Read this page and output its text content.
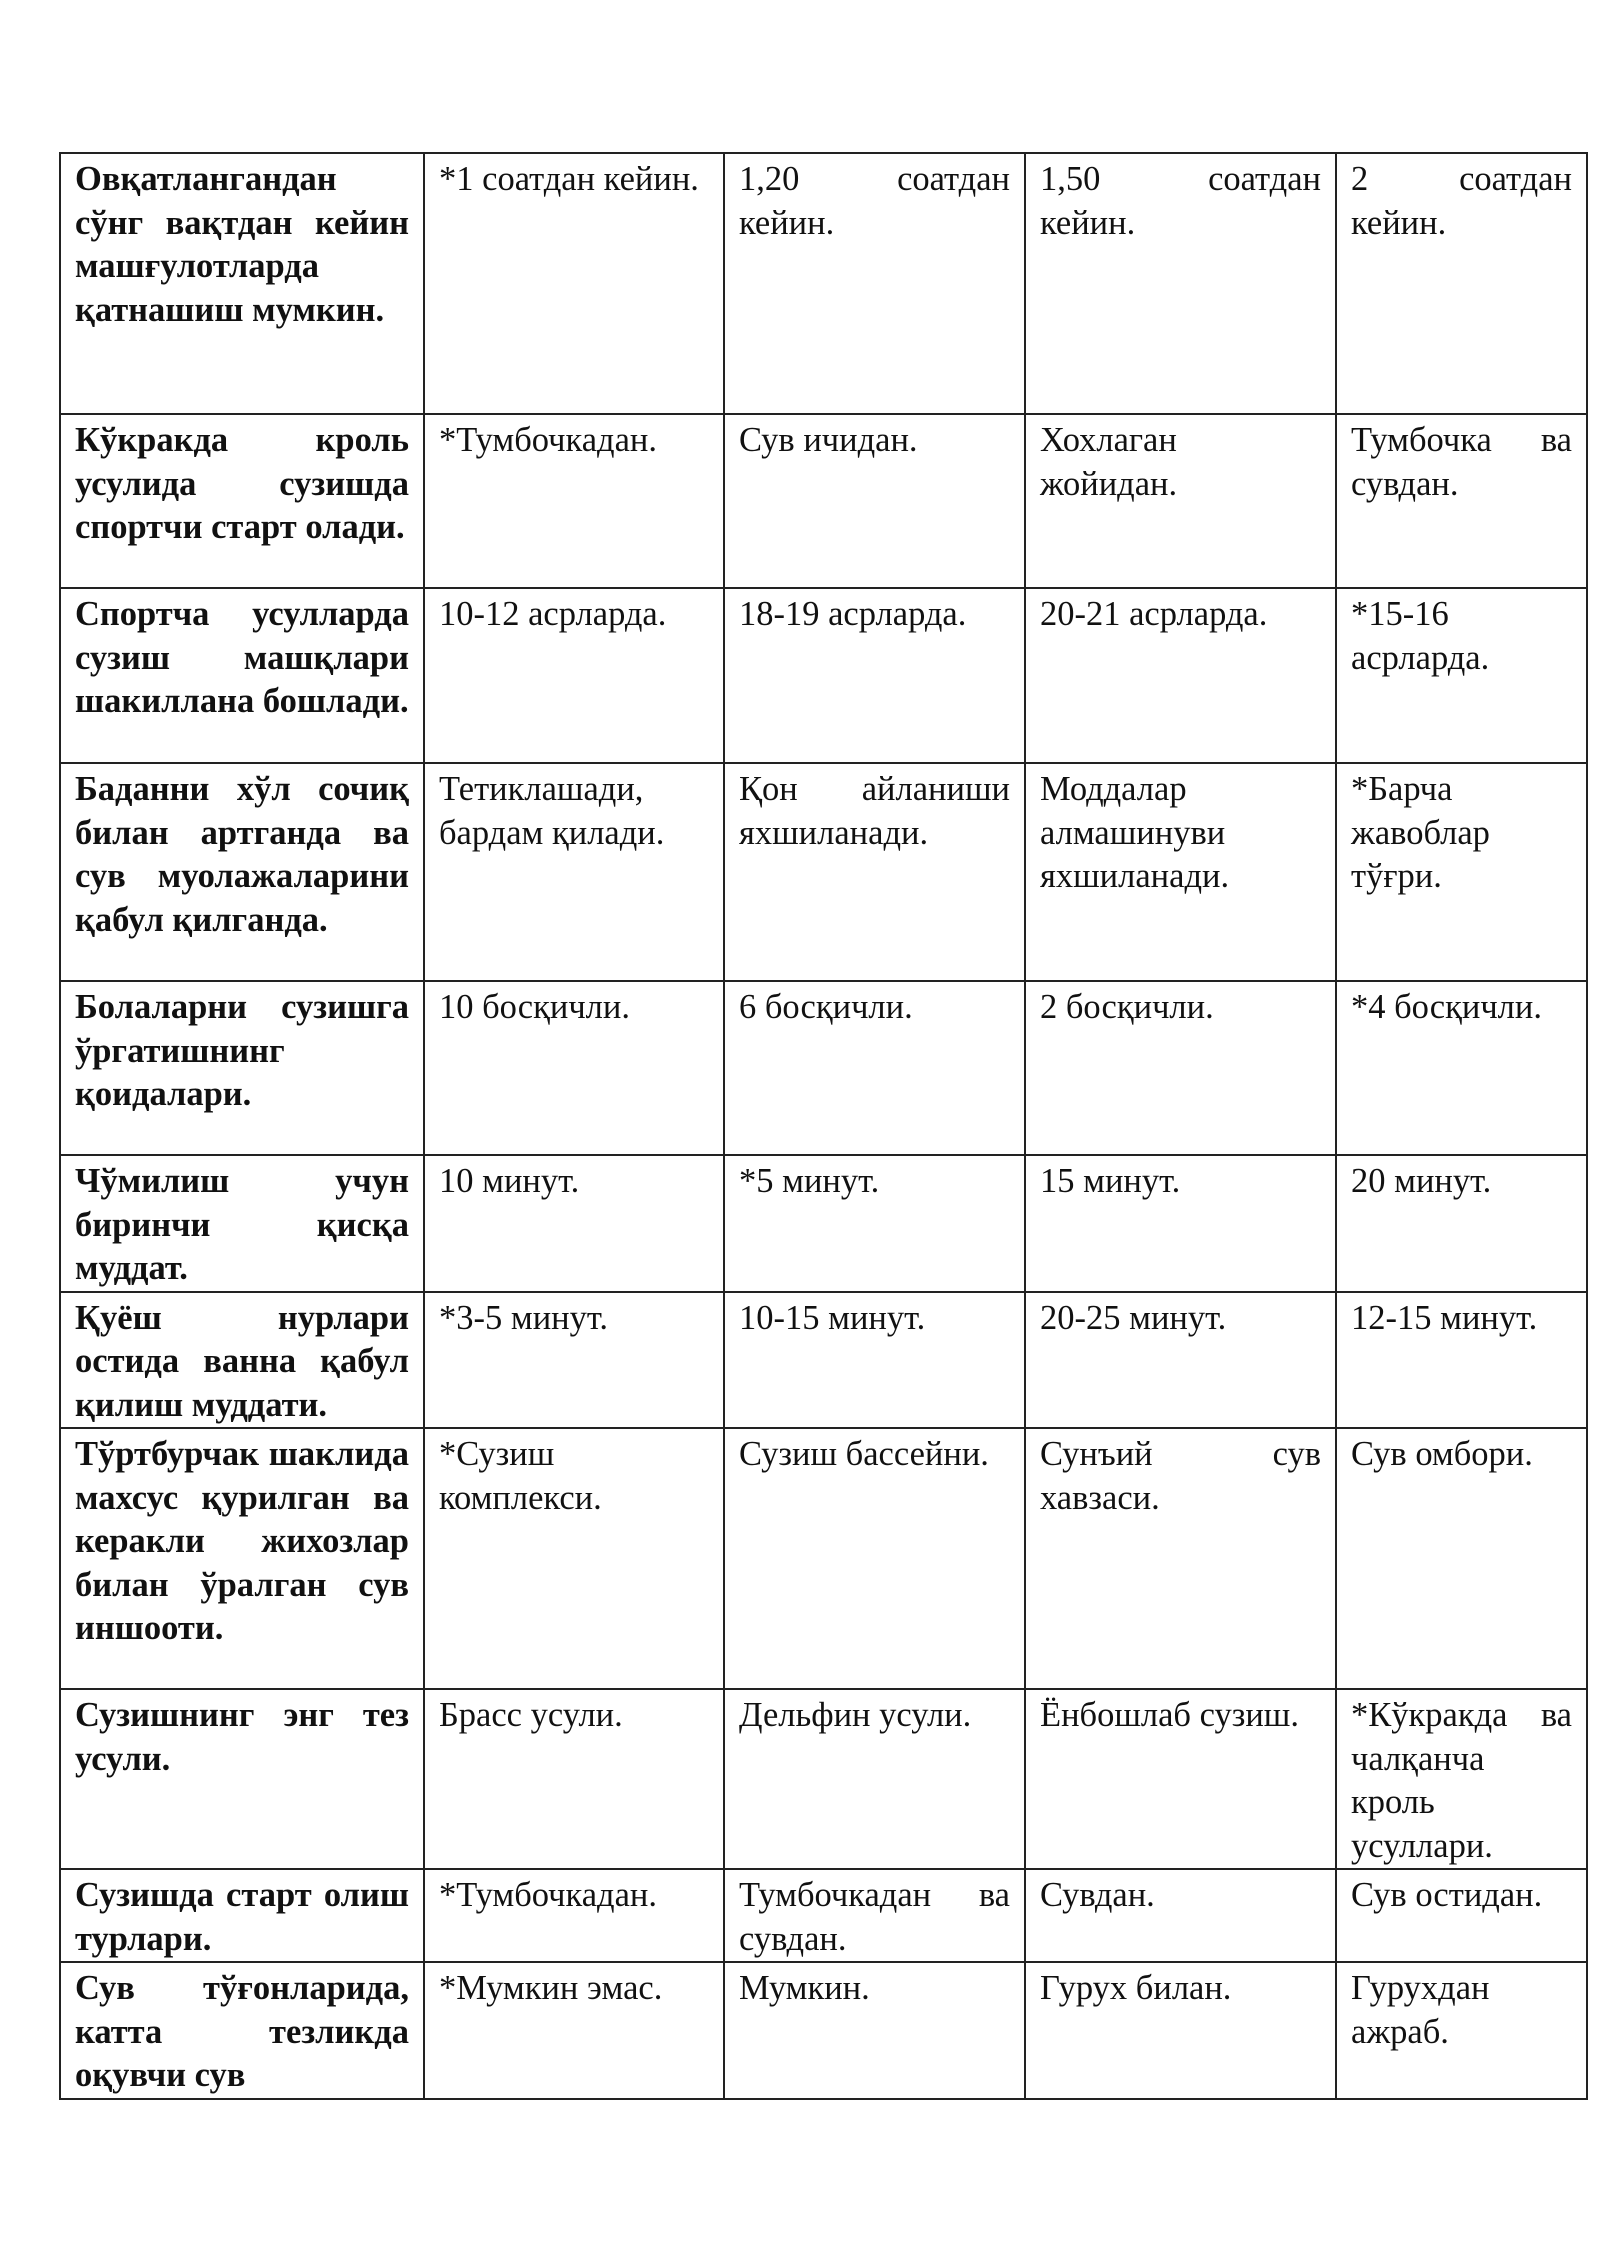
Овқатлангандан сўнг вақтдан кейин машғулотларда қатнашиш мумкин.	*1 соатдан кейин.	1,20 соатдан кейин.	1,50 соатдан кейин.	2 соатдан кейин.
Кўкракда кроль усулида сузишда спортчи старт олади.	*Тумбочкадан.	Сув ичидан.	Хохлаган жойидан.	Тумбочка ва сувдан.
Спортча усулларда сузиш машқлари шакиллана бошлади.	10-12 асрларда.	18-19 асрларда.	20-21 асрларда.	*15-16 асрларда.
Баданни хўл сочиқ билан артганда ва сув муолажаларини қабул қилганда.	Тетиклашади, бардам қилади.	Қон айланиши яхшиланади.	Моддалар алмашинуви яхшиланади.	*Барча жавоблар тўғри.
Болаларни сузишга ўргатишнинг қоидалари.	10 босқичли.	6 босқичли.	2 босқичли.	*4 босқичли.
Чўмилиш учун биринчи қисқа муддат.	10 минут.	*5 минут.	15 минут.	20 минут.
Қуёш нурлари остида ванна қабул қилиш муддати.	*3-5 минут.	10-15 минут.	20-25 минут.	12-15 минут.
Тўртбурчак шаклида махсус қурилган ва керакли жихозлар билан ўралган сув иншооти.	*Сузиш комплекси.	Сузиш бассейни.	Сунъий сув хавзаси.	Сув омбори.
Сузишнинг энг тез усули.	Брасс усули.	Дельфин усули.	Ёнбошлаб сузиш.	*Кўкракда ва чалқанча кроль усуллари.
Сузишда старт олиш турлари.	*Тумбочкадан.	Тумбочкадан ва сувдан.	Сувдан.	Сув остидан.
Сув тўғонларида, катта тезликда оқувчи сув	*Мумкин эмас.	Мумкин.	Гурух билан.	Гурухдан ажраб.
